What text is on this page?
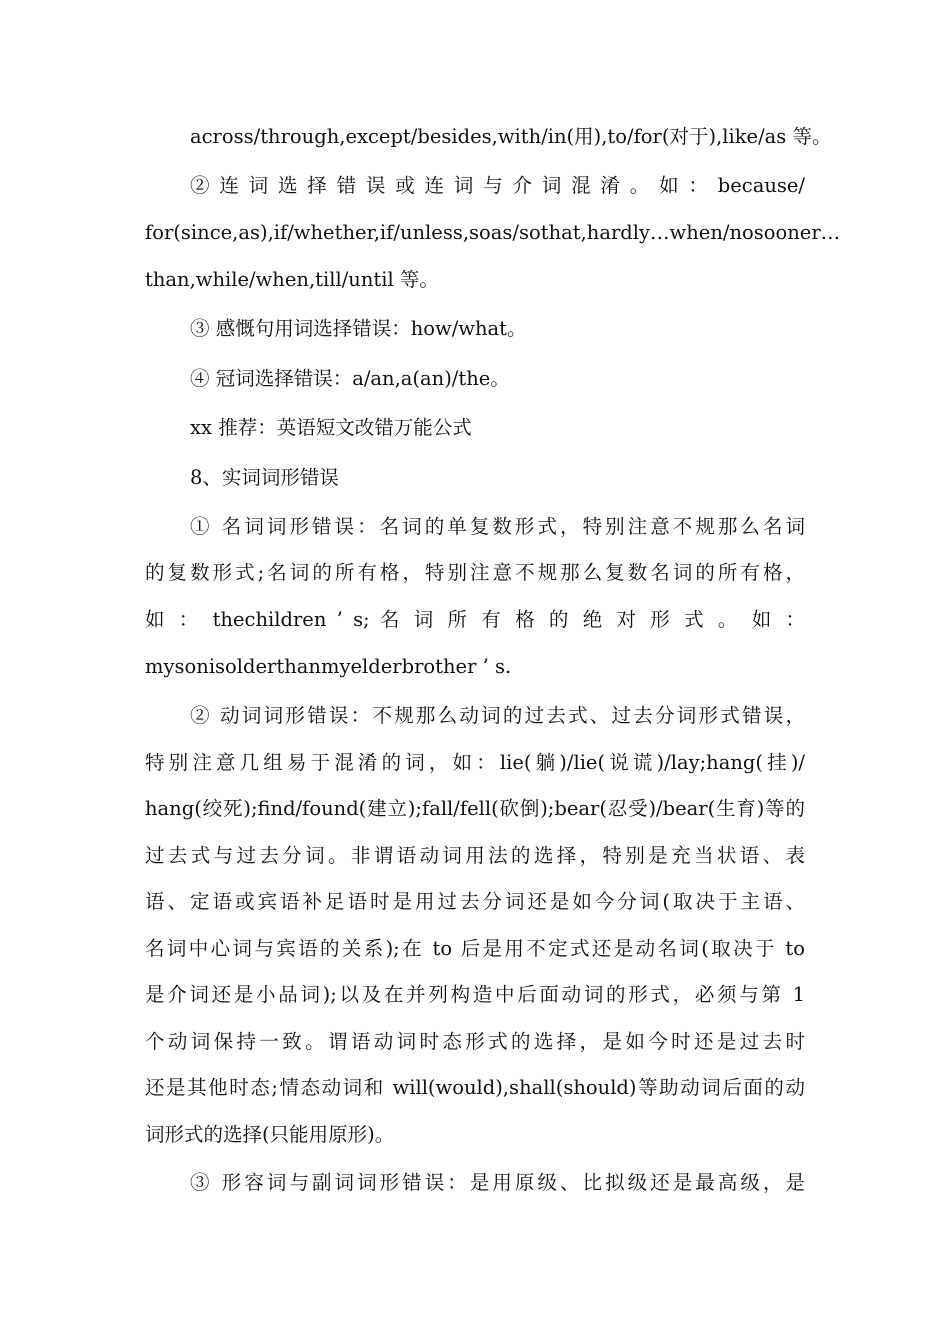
across/through,except/besides,with/in(用),to/for(对于),like/as 等。
② 连 词 选 择 错 误 或 连 词 与 介 词 混 淆 。 如 ： because/
for(since,as),if/whether,if/unless,soas/sothat,hardly…when/nosooner…
than,while/when,till/until 等。
③ 感慨句用词选择错误：how/what。
④ 冠词选择错误：a/an,a(an)/the。
xx 推荐：英语短文改错万能公式
8、实词词形错误
① 名词词形错误：名词的单复数形式，特别注意不规那么名词
的复数形式;名词的所有格，特别注意不规那么复数名词的所有格，
如 ： thechildren ’ s; 名 词 所 有 格 的 绝 对 形 式 。 如 ：
mysonisolderthanmyelderbrother ’ s.
② 动词词形错误：不规那么动词的过去式、过去分词形式错误，
特别注意几组易于混淆的词，如：lie(躺)/lie(说谎)/lay;hang(挂)/
hang(绞死);find/found(建立);fall/fell(砍倒);bear(忍受)/bear(生育)等的
过去式与过去分词。非谓语动词用法的选择，特别是充当状语、表
语、定语或宾语补足语时是用过去分词还是如今分词(取决于主语、
名词中心词与宾语的关系);在 to 后是用不定式还是动名词(取决于 to
是介词还是小品词);以及在并列构造中后面动词的形式，必须与第 1
个动词保持一致。谓语动词时态形式的选择，是如今时还是过去时
还是其他时态;情态动词和 will(would),shall(should)等助动词后面的动
词形式的选择(只能用原形)。
③ 形容词与副词词形错误：是用原级、比拟级还是最高级，是
